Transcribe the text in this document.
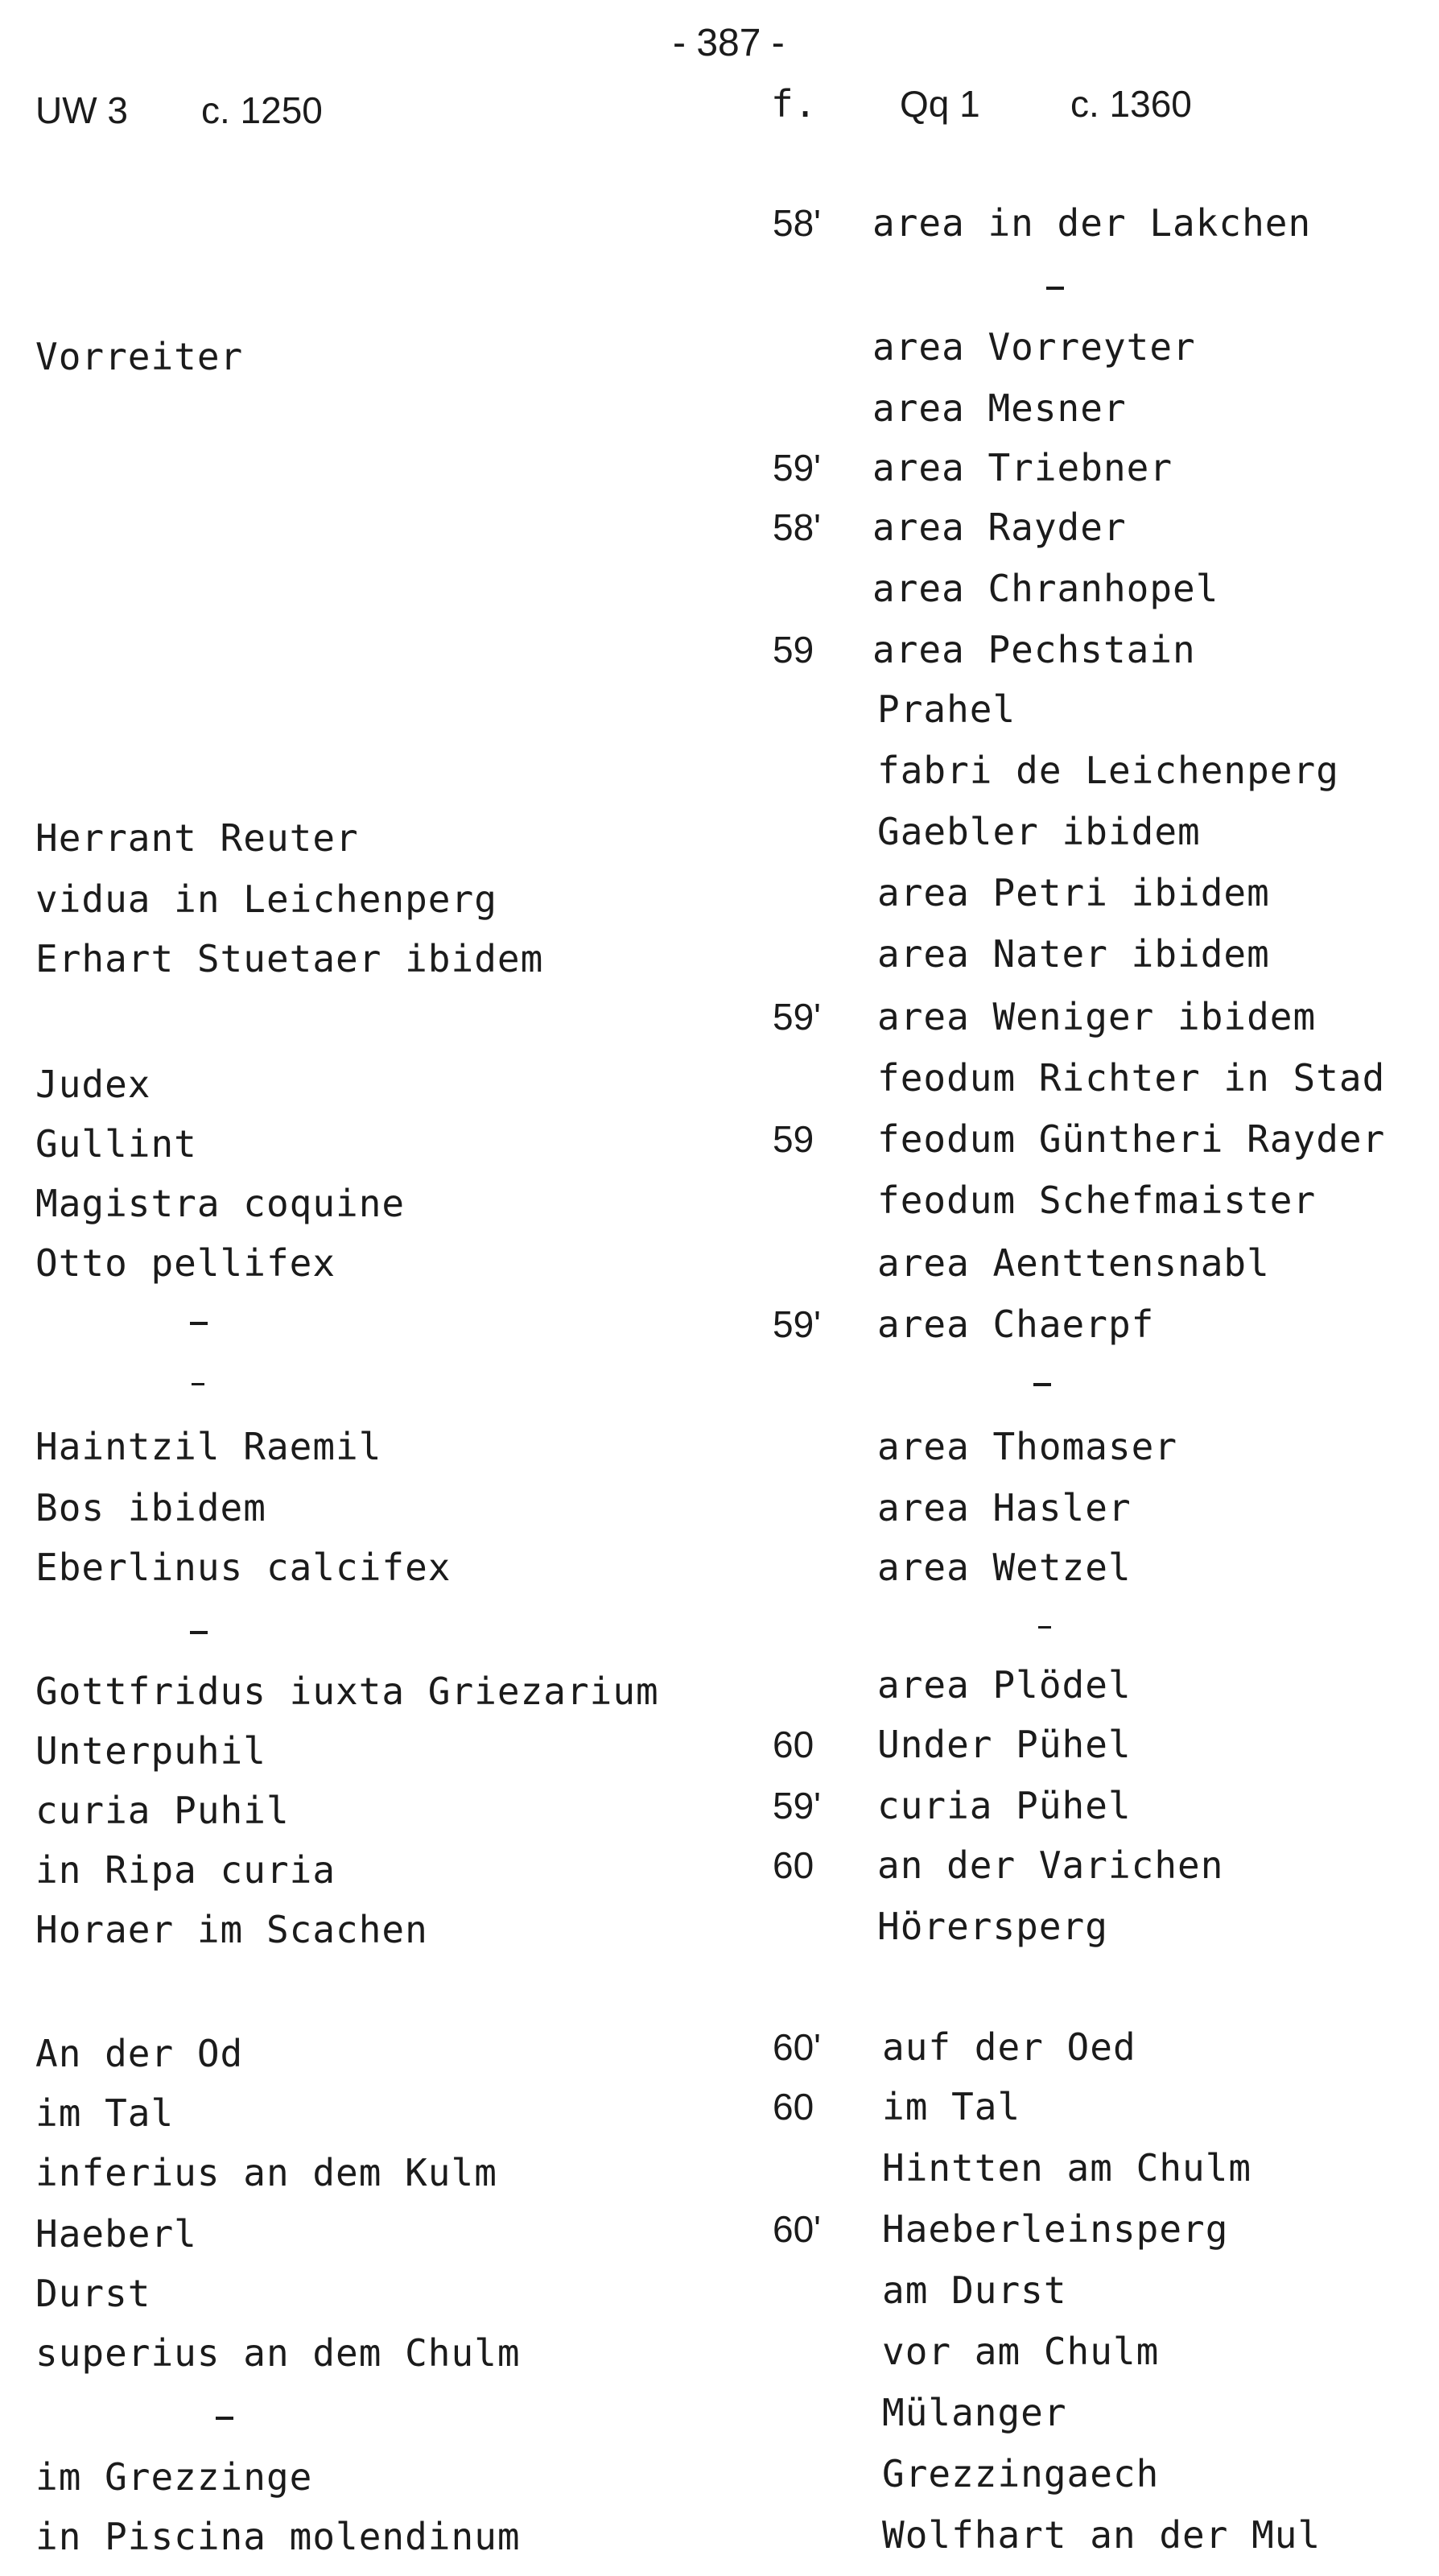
- 387 -
UW 3 c. 1250	f. Qq 1 c. 1360
Vorreiter
Herrant Reuter
vidua in Leichenperg
Erhart Stuetaer ibidem
Judex
Gullint
Magistra coquine
Otto pellifex
Haintzil Raemil
Bos ibidem
Eberlinus calcifex
Gottfridus iuxta Griezarium
Unterpuhil
curia Puhil
in Ripa curia
Horaer im Scachen
An der Od
im Tal
inferius an dem Kulm
Haeberl
Durst
superius an dem Chulm
im Grezzinge
in Piscina molendinum
58'
59'
58'
59
59'
59
59'
60
59'
60
60'
60
60'
area in der Lakchen
area Vorreyter
area Mesner
area Triebner
area Rayder
area Chranhopel
area Pechstain
Prahel
fabri de Leichenperg
Gaebler ibidem
area Petri ibidem
area Nater ibidem
area Weniger ibidem
feodum Richter in Stad
feodum Güntheri Rayder
feodum Schefmaister
area Aenttensnabl
area Chaerpf
area Thomaser
area Hasler
area Wetzel
area Plödel
Under Pühel
curia Pühel
an der Varichen
Hörersperg
auf der Oed
im Tal
Hintten am Chulm
Haeberleinsperg
am Durst
vor am Chulm
Mülanger
Grezzingaech
Wolfhart an der Mul
